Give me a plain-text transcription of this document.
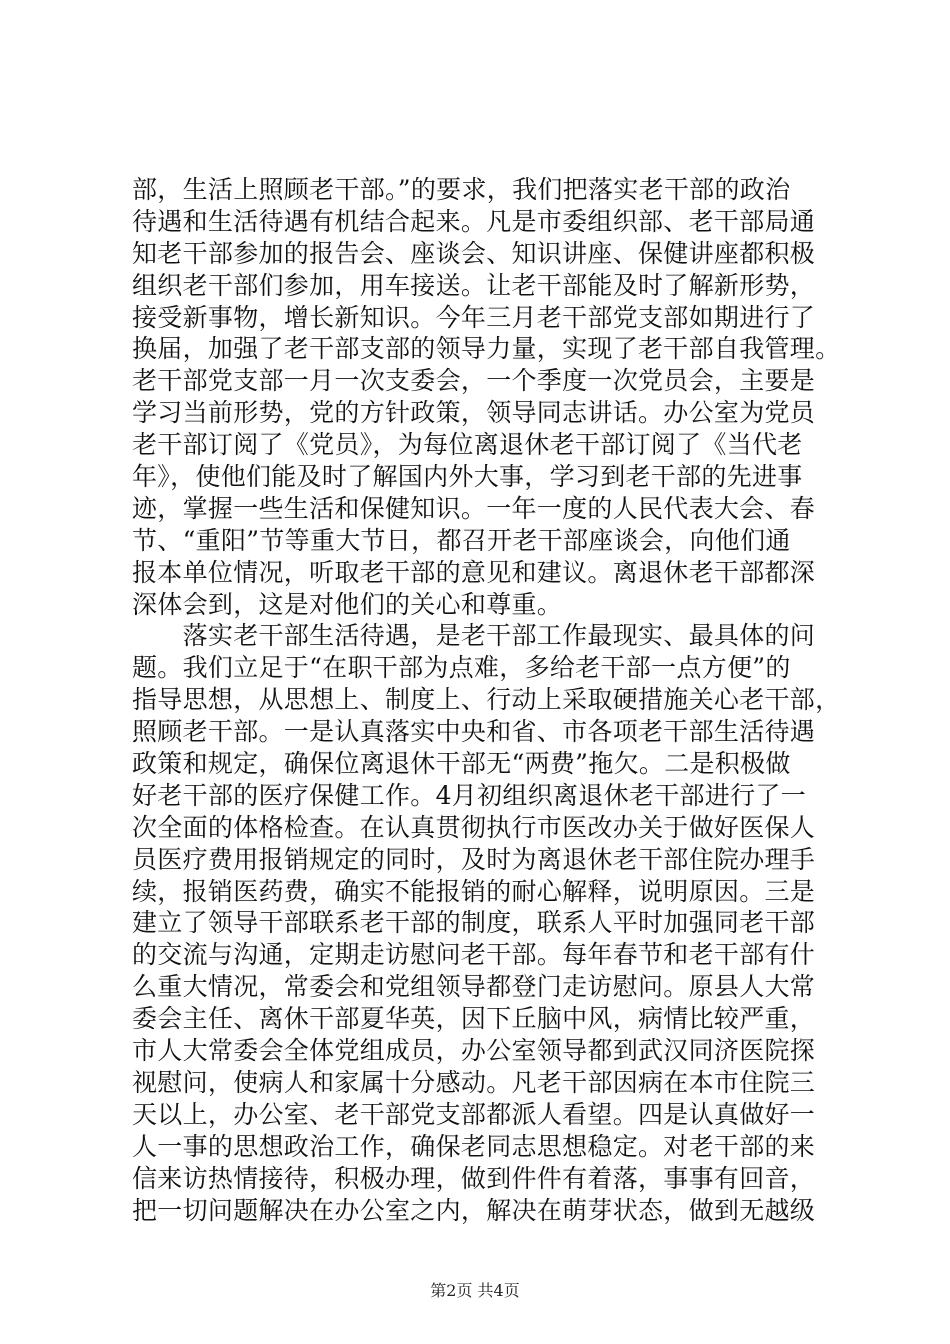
部，生活上照顾老干部。”的要求，我们把落实老干部的政治
待遇和生活待遇有机结合起来。凡是市委组织部、老干部局通
知老干部参加的报告会、座谈会、知识讲座、保健讲座都积极
组织老干部们参加，用车接送。让老干部能及时了解新形势，
接受新事物，增长新知识。今年三月老干部党支部如期进行了
换届，加强了老干部支部的领导力量，实现了老干部自我管理。
老干部党支部一月一次支委会，一个季度一次党员会，主要是
学习当前形势，党的方针政策，领导同志讲话。办公室为党员
老干部订阅了《党员》，为每位离退休老干部订阅了《当代老
年》，使他们能及时了解国内外大事，学习到老干部的先进事
迹，掌握一些生活和保健知识。一年一度的人民代表大会、春
节、“重阳”节等重大节日，都召开老干部座谈会，向他们通
报本单位情况，听取老干部的意见和建议。离退休老干部都深
深体会到，这是对他们的关心和尊重。
　　落实老干部生活待遇，是老干部工作最现实、最具体的问
题。我们立足于“在职干部为点难，多给老干部一点方便”的
指导思想，从思想上、制度上、行动上采取硬措施关心老干部，
照顾老干部。一是认真落实中央和省、市各项老干部生活待遇
政策和规定，确保位离退休干部无“两费”拖欠。二是积极做
好老干部的医疗保健工作。4月初组织离退休老干部进行了一
次全面的体格检查。在认真贯彻执行市医改办关于做好医保人
员医疗费用报销规定的同时，及时为离退休老干部住院办理手
续，报销医药费，确实不能报销的耐心解释，说明原因。三是
建立了领导干部联系老干部的制度，联系人平时加强同老干部
的交流与沟通，定期走访慰问老干部。每年春节和老干部有什
么重大情况，常委会和党组领导都登门走访慰问。原县人大常
委会主任、离休干部夏华英，因下丘脑中风，病情比较严重，
市人大常委会全体党组成员，办公室领导都到武汉同济医院探
视慰问，使病人和家属十分感动。凡老干部因病在本市住院三
天以上，办公室、老干部党支部都派人看望。四是认真做好一
人一事的思想政治工作，确保老同志思想稳定。对老干部的来
信来访热情接待，积极办理，做到件件有着落，事事有回音，
把一切问题解决在办公室之内，解决在萌芽状态，做到无越级
第2页 共4页
